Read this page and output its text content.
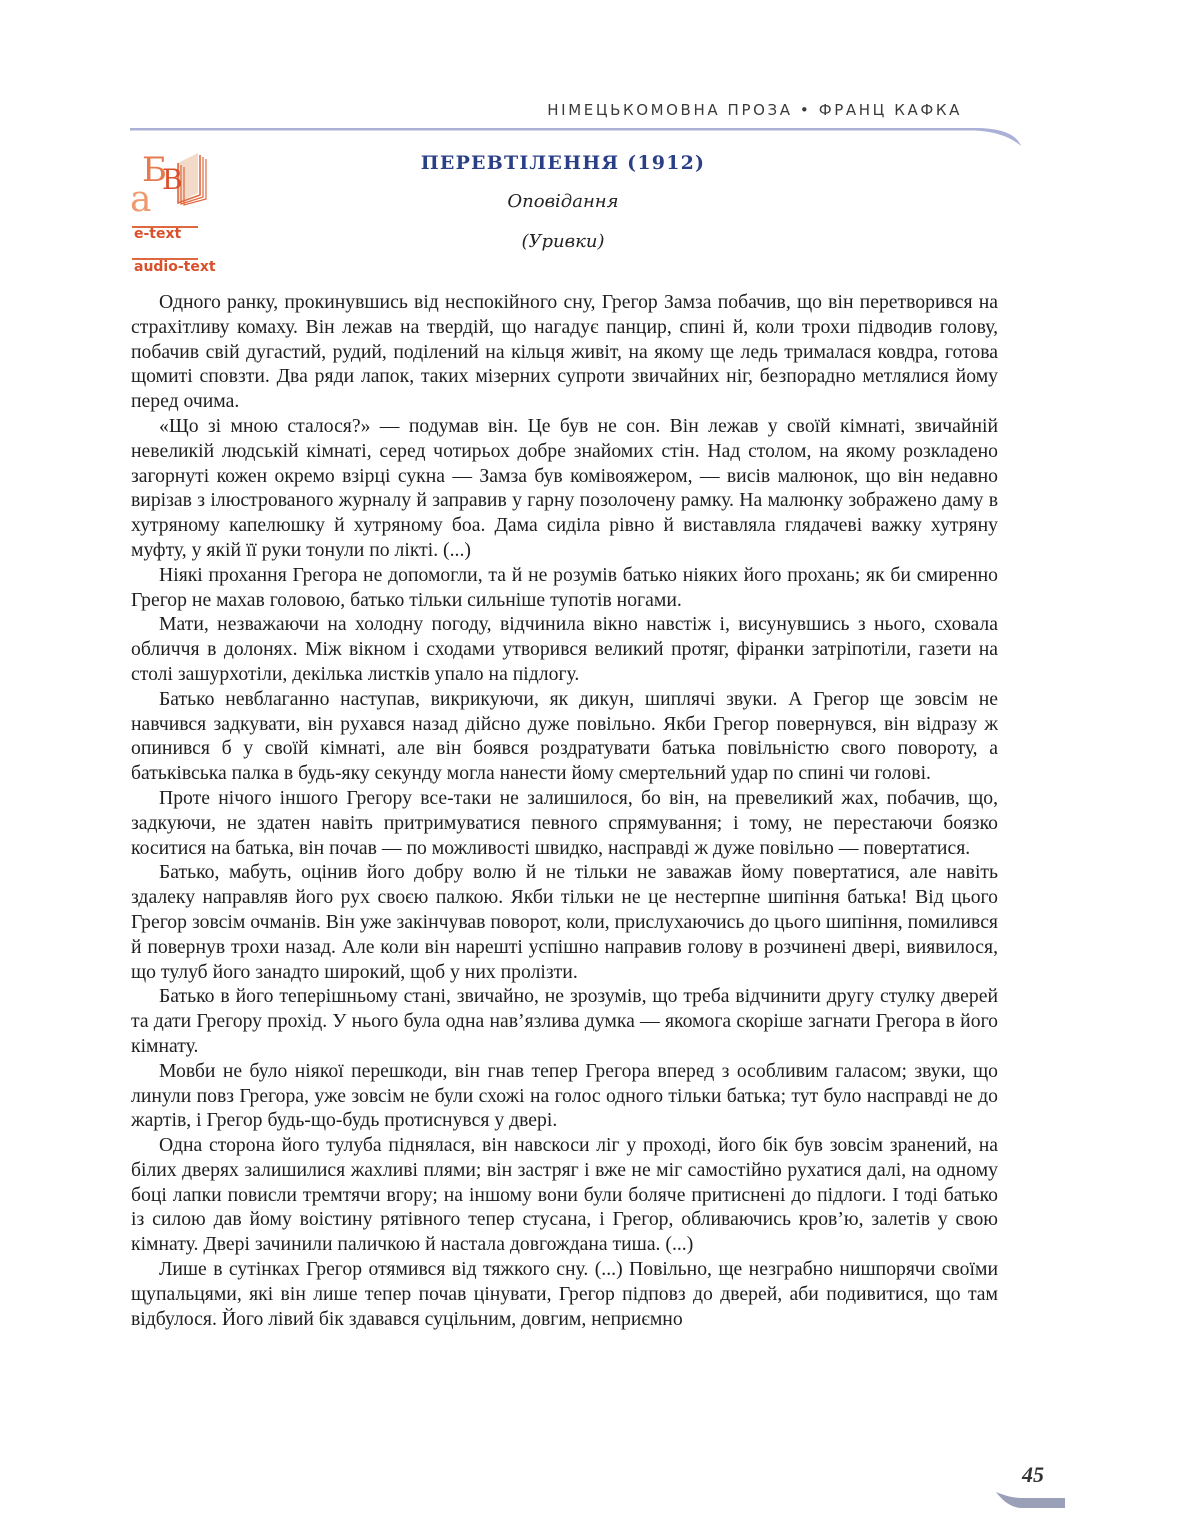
НІМЕЦЬКОМОВНА ПРОЗА • ФРАНЦ КАФКА
Б
В
а
e-text
audio-text
ПЕРЕВТІЛЕННЯ (1912)
Оповідання
(Уривки)

Одного ранку, прокинувшись від неспокійного сну, Грегор Замза побачив, що він перетворився на страхітливу комаху. Він лежав на твердій, що нагадує панцир, спині й, коли трохи підводив голову, побачив свій дугастий, рудий, поділений на кільця живіт, на якому ще ледь трималася ковдра, готова щомиті сповзти. Два ряди лапок, таких мізерних супроти звичайних ніг, безпорадно метлялися йому перед очима.

«Що зі мною сталося?» — подумав він. Це був не сон. Він лежав у своїй кімнаті, звичайній невеликій людській кімнаті, серед чотирьох добре знайомих стін. Над столом, на якому розкладено загорнуті кожен окремо взірці сукна — Замза був комівояжером, — висів малюнок, що він недавно вирізав з ілюстрованого журналу й заправив у гарну позолочену рамку. На малюнку зображено даму в хутряному капелюшку й хутряному боа. Дама сиділа рівно й виставляла глядачеві важку хутряну муфту, у якій її руки тонули по лікті. (...)

Ніякі прохання Грегора не допомогли, та й не розумів батько ніяких його прохань; як би смиренно Грегор не махав головою, батько тільки сильніше тупотів ногами.

Мати, незважаючи на холодну погоду, відчинила вікно навстіж і, висунувшись з нього, сховала обличчя в долонях. Між вікном і сходами утворився великий протяг, фіранки затріпотіли, газети на столі зашурхотіли, декілька листків упало на підлогу.

Батько невблаганно наступав, викрикуючи, як дикун, шиплячі звуки. А Грегор ще зовсім не навчився задкувати, він рухався назад дійсно дуже повільно. Якби Грегор повернувся, він відразу ж опинився б у своїй кімнаті, але він боявся роздратувати батька повільністю свого повороту, а батьківська палка в будь-яку секунду могла нанести йому смертельний удар по спині чи голові.

Проте нічого іншого Грегору все-таки не залишилося, бо він, на превеликий жах, побачив, що, задкуючи, не здатен навіть притримуватися певного спрямування; і тому, не перестаючи боязко коситися на батька, він почав — по можливості швидко, насправді ж дуже повільно — повертатися.

Батько, мабуть, оцінив його добру волю й не тільки не заважав йому повертатися, але навіть здалеку направляв його рух своєю палкою. Якби тільки не це нестерпне шипіння батька! Від цього Грегор зовсім очманів. Він уже закінчував поворот, коли, прислухаючись до цього шипіння, помилився й повернув трохи назад. Але коли він нарешті успішно направив голову в розчинені двері, виявилося, що тулуб його занадто широкий, щоб у них пролізти.

Батько в його теперішньому стані, звичайно, не зрозумів, що треба відчинити другу стулку дверей та дати Грегору прохід. У нього була одна нав’язлива думка — якомога скоріше загнати Грегора в його кімнату.

Мовби не було ніякої перешкоди, він гнав тепер Грегора вперед з особливим галасом; звуки, що линули повз Грегора, уже зовсім не були схожі на голос одного тільки батька; тут було насправді не до жартів, і Грегор будь-що-будь протиснувся у двері.

Одна сторона його тулуба піднялася, він навскоси ліг у проході, його бік був зовсім зранений, на білих дверях залишилися жахливі плями; він застряг і вже не міг самостійно рухатися далі, на одному боці лапки повисли тремтячи вгору; на іншому вони були боляче притиснені до підлоги. І тоді батько із силою дав йому воістину рятівного тепер стусана, і Грегор, обливаючись кров’ю, залетів у свою кімнату. Двері зачинили паличкою й настала довгождана тиша. (...)

Лише в сутінках Грегор отямився від тяжкого сну. (...) Повільно, ще незграбно нишпорячи своїми щупальцями, які він лише тепер почав цінувати, Грегор підповз до дверей, аби подивитися, що там відбулося. Його лівий бік здавався суцільним, довгим, неприємно

45
